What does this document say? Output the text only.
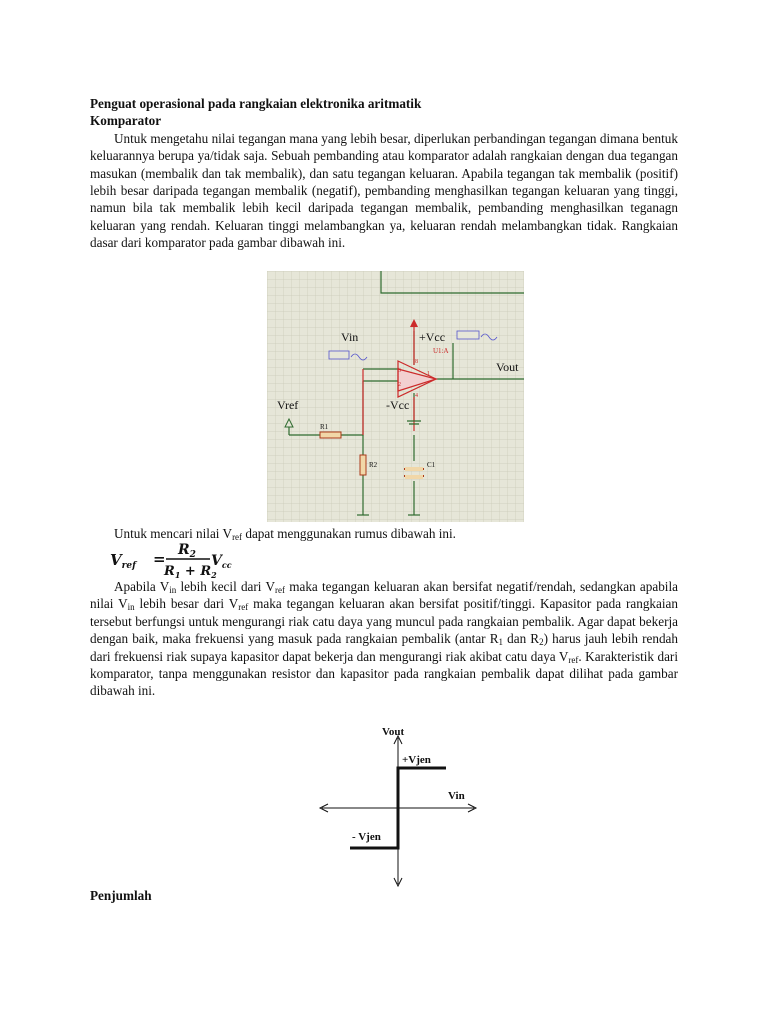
Penguat operasional pada rangkaian elektronika aritmatik
Komparator

Untuk mengetahu nilai tegangan mana yang lebih besar, diperlukan perbandingan tegangan dimana bentuk keluarannya berupa ya/tidak saja. Sebuah pembanding atau komparator adalah rangkaian dengan dua tegangan masukan (membalik dan tak membalik), dan satu tegangan keluaran. Apabila tegangan tak membalik (positif) lebih besar daripada tegangan membalik (negatif), pembanding menghasilkan tegangan keluaran yang tinggi, namun bila tak membalik lebih kecil daripada tegangan membalik, pembanding menghasilkan teganagn keluaran yang rendah. Keluaran tinggi melambangkan ya, keluaran rendah melambangkan tidak. Rangkaian dasar dari komparator pada gambar dibawah ini.

Vin	+Vcc
-Vcc
Vout
Vref
U1:A
R1
R2	C1
3
2
1
8
4
Untuk mencari nilai $V_{ref}$ dapat menggunakan rumus dibawah ini.
$V_{ref} = R_2$
$R_1 + R_2$
$V_{cc}$

Apabila $V_{in}$ lebih kecil dari $V_{ref}$ maka tegangan keluaran akan bersifat negatif/rendah, sedangkan apabila nilai $V_{in}$ lebih besar dari $V_{ref}$ maka tegangan keluaran akan bersifat positif/tinggi. Kapasitor pada rangkaian tersebut berfungsi untuk mengurangi riak catu daya yang muncul pada rangkaian pembalik. Agar dapat bekerja dengan baik, maka frekuensi yang masuk pada rangkaian pembalik (antar $R_1$ dan $R_2$) harus jauh lebih rendah dari frekuensi riak supaya kapasitor dapat bekerja dan mengurangi riak akibat catu daya $V_{ref}$. Karakteristik dari komparator, tanpa menggunakan resistor dan kapasitor pada rangkaian pembalik dapat dilihat pada gambar dibawah ini.

Vout
Vin
+Vjen
- Vjen
Penjumlah
